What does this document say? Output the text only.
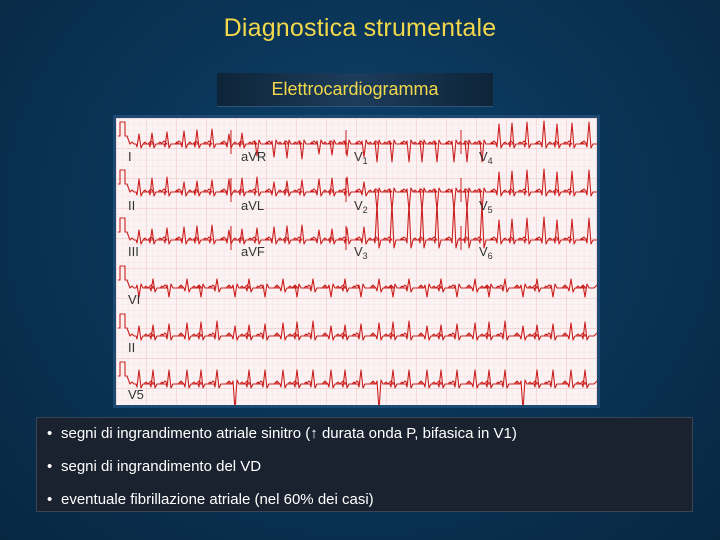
Diagnostica strumentale
Elettrocardiogramma
I	aVR	$V_1$	$V_4$
II	aVL	$V_2$	$V_5$
III	aVF	$V_3$	$V_6$
VI
II
V5
• segni di ingrandimento atriale sinitro (↑ durata onda P, bifasica in V1)
• segni di ingrandimento del VD
• eventuale fibrillazione atriale (nel 60% dei casi)
